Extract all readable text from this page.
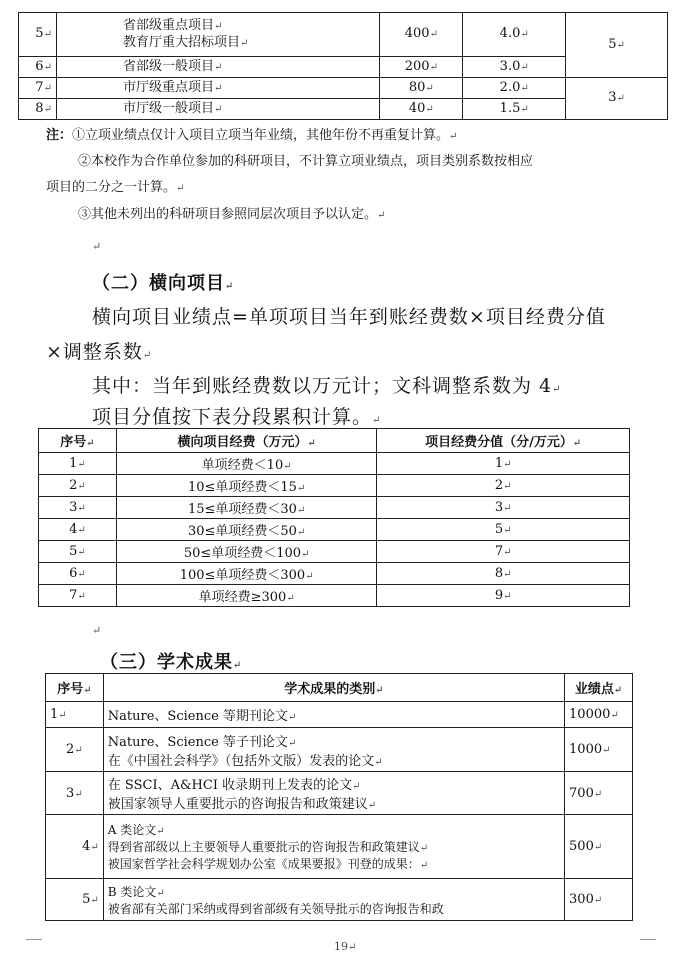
5↵	省部级重点项目↵
教育厅重大招标项目↵	400↵	4.0↵	5↵
6↵	省部级一般项目↵	200↵	3.0↵	
7↵	市厅级重点项目↵	80↵	2.0↵	3↵
8↵	市厅级一般项目↵	40↵	1.5↵	
注：①立项业绩点仅计入项目立项当年业绩，其他年份不再重复计算。↵
②本校作为合作单位参加的科研项目，不计算立项业绩点，项目类别系数按相应
项目的二分之一计算。↵
③其他未列出的科研项目参照同层次项目予以认定。↵
↵
（二）横向项目↵
横向项目业绩点=单项项目当年到账经费数×项目经费分值
×调整系数↵
其中：当年到账经费数以万元计；文科调整系数为 4↵
项目分值按下表分段累积计算。↵
序号↵	横向项目经费（万元）↵	项目经费分值（分/万元）↵
1↵	单项经费＜10↵	1↵
2↵	10≤单项经费＜15↵	2↵
3↵	15≤单项经费＜30↵	3↵
4↵	30≤单项经费＜50↵	5↵
5↵	50≤单项经费＜100↵	7↵
6↵	100≤单项经费＜300↵	8↵
7↵	单项经费≥300↵	9↵
↵
（三）学术成果↵
序号↵	学术成果的类别↵	业绩点↵
1↵	Nature、Science 等期刊论文↵	10000↵
2↵	Nature、Science 等子刊论文↵
在《中国社会科学》（包括外文版）发表的论文↵	1000↵
3↵	在 SSCI、A&HCI 收录期刊上发表的论文↵
被国家领导人重要批示的咨询报告和政策建议↵	700↵
4↵	A 类论文↵
得到省部级以上主要领导人重要批示的咨询报告和政策建议↵
被国家哲学社会科学规划办公室《成果要报》刊登的成果：↵	500↵
5↵	B 类论文↵
被省部有关部门采纳或得到省部级有关领导批示的咨询报告和政	300↵
19↵
